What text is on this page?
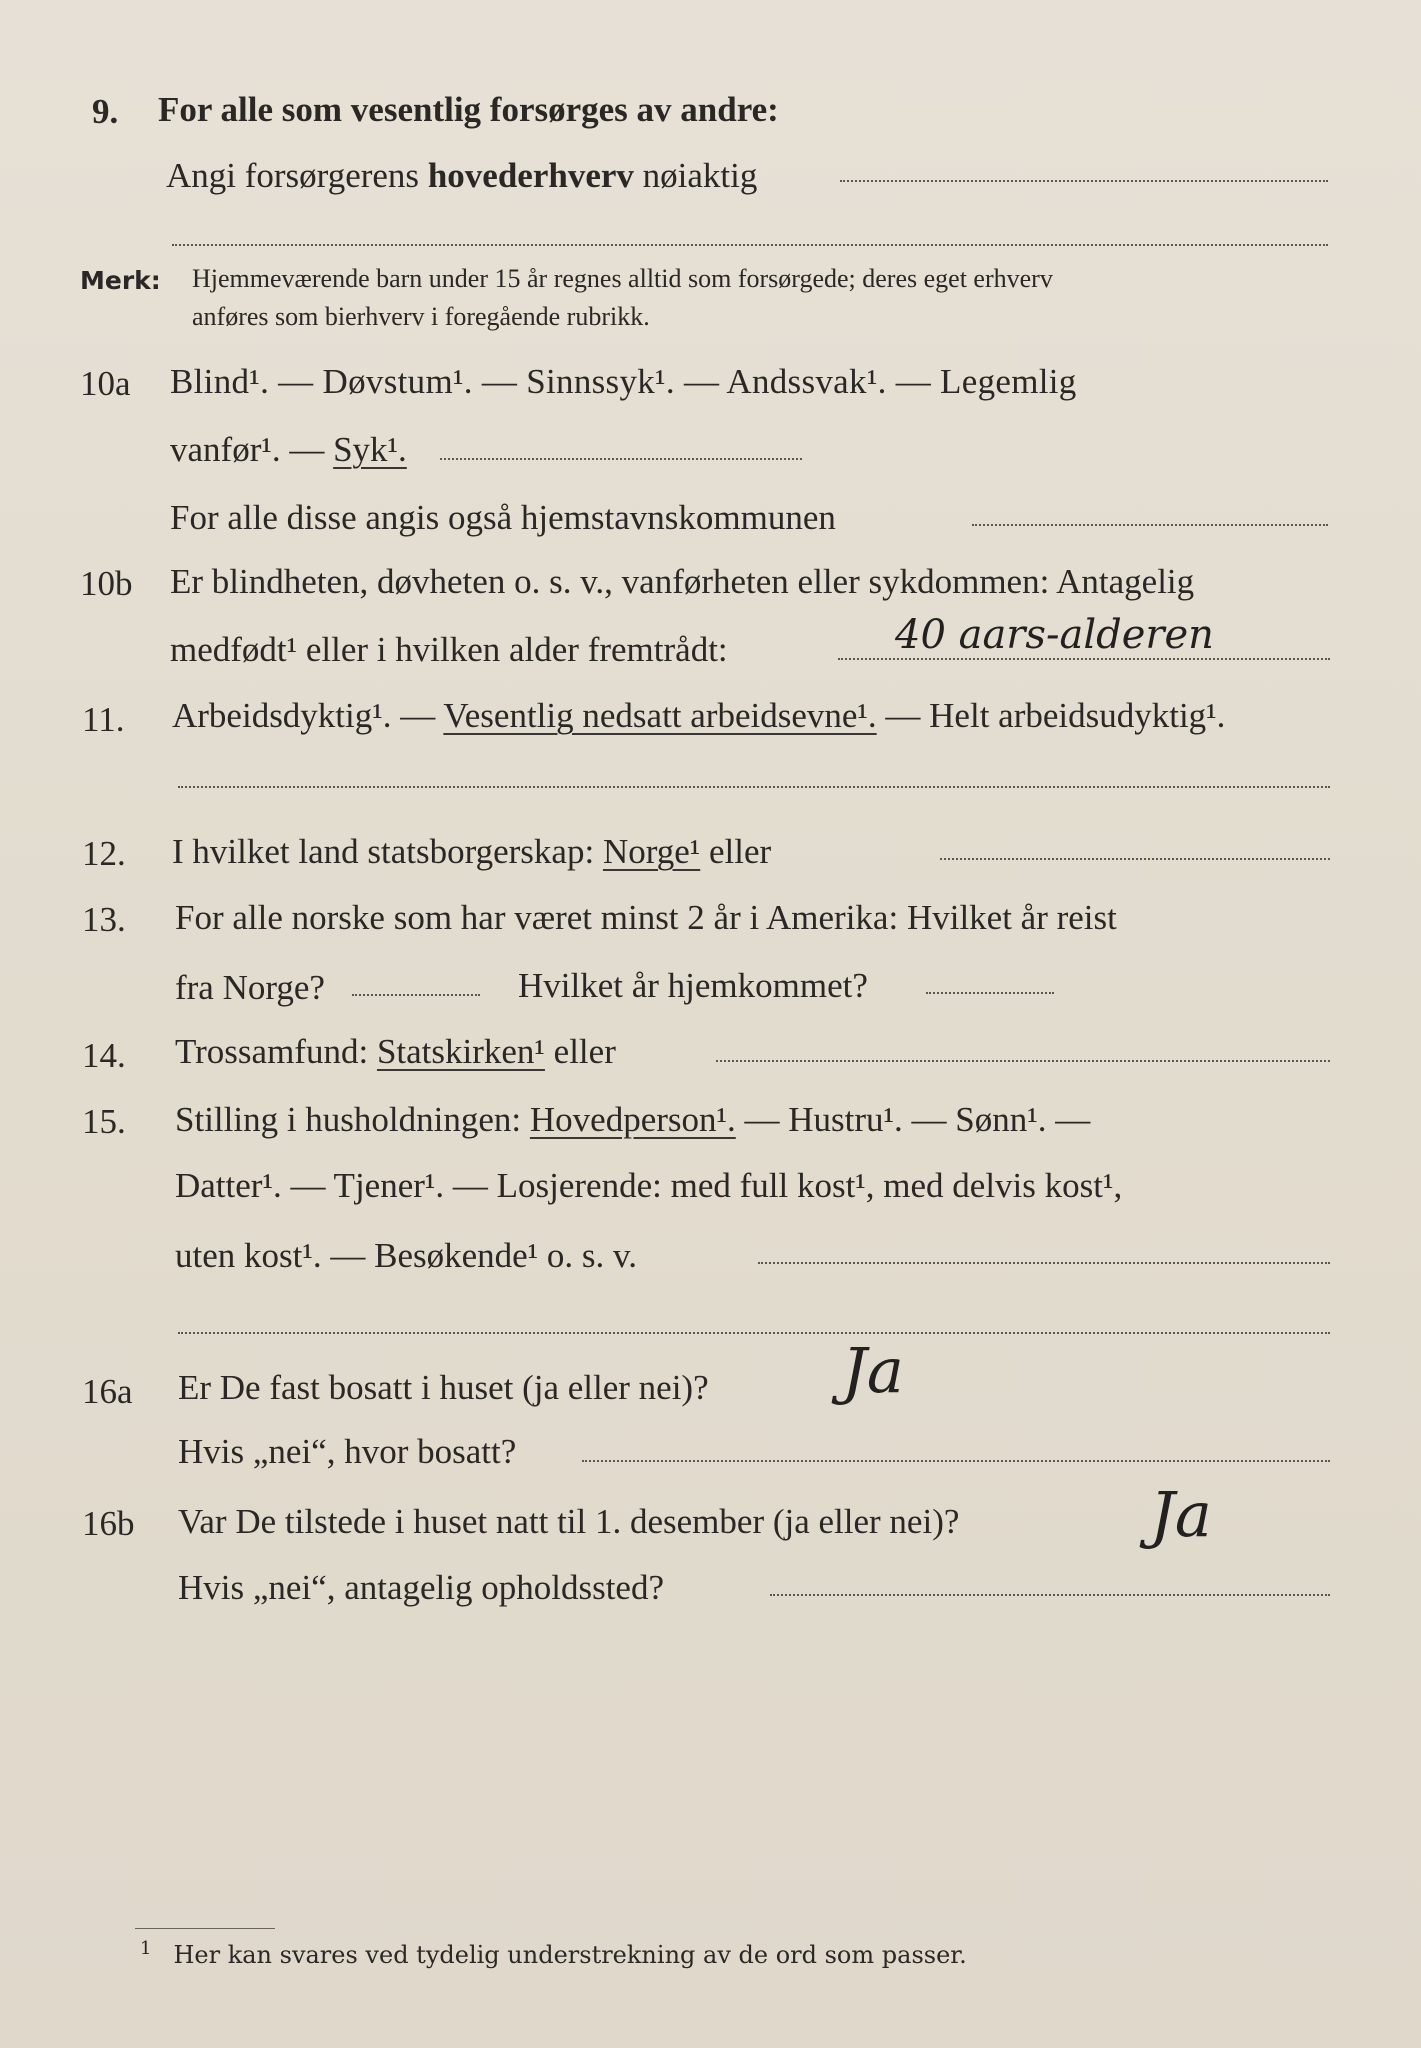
9. For alle som vesentlig forsørges av andre:
Angi forsørgerens hovederhverv nøiaktig
Merk: Hjemmeværende barn under 15 år regnes alltid som forsørgede; deres eget erhverv
anføres som bierhverv i foregående rubrikk.
10a Blind¹. — Døvstum¹. — Sinnssyk¹. — Andssvak¹. — Legemlig
vanfør¹. — Syk¹.
For alle disse angis også hjemstavnskommunen
10b Er blindheten, døvheten o. s. v., vanførheten eller sykdommen: Antagelig
medfødt¹ eller i hvilken alder fremtrådt:	40 aars-alderen
11. Arbeidsdyktig¹. — Vesentlig nedsatt arbeidsevne¹. — Helt arbeidsudyktig¹.
12. I hvilket land statsborgerskap: Norge¹ eller
13. For alle norske som har været minst 2 år i Amerika: Hvilket år reist
fra Norge?	Hvilket år hjemkommet?
14. Trossamfund: Statskirken¹ eller
15. Stilling i husholdningen: Hovedperson¹. — Hustru¹. — Sønn¹. —
Datter¹. — Tjener¹. — Losjerende: med full kost¹, med delvis kost¹,
uten kost¹. — Besøkende¹ o. s. v.
16a Er De fast bosatt i huset (ja eller nei)? Ja
Hvis „nei“, hvor bosatt?
16b Var De tilstede i huset natt til 1. desember (ja eller nei)?	Ja
Hvis „nei“, antagelig opholdssted?
$^1$ Her kan svares ved tydelig understrekning av de ord som passer.
